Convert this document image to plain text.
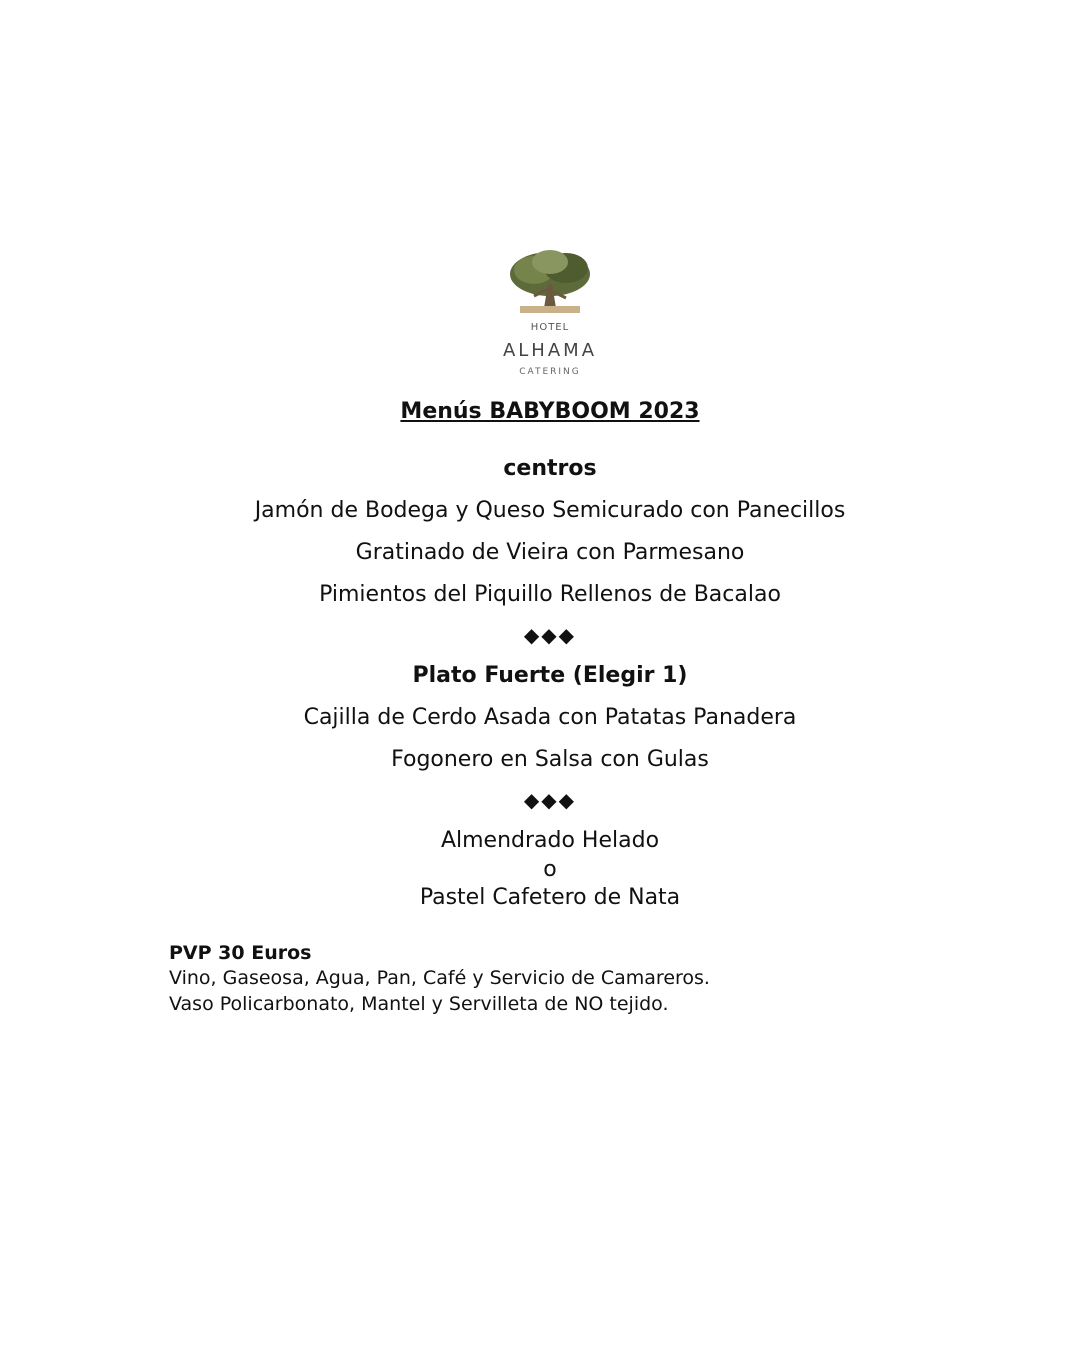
HOTEL
ALHAMA
CATERING
Menús BABYBOOM 2023
centros
Jamón de Bodega y Queso Semicurado con Panecillos
Gratinado de Vieira con Parmesano
Pimientos del Piquillo Rellenos de Bacalao
◆◆◆
Plato Fuerte (Elegir 1)
Cajilla de Cerdo Asada con Patatas Panadera
Fogonero en Salsa con Gulas
◆◆◆
Almendrado Helado
o
Pastel Cafetero de Nata
PVP 30 Euros
Vino, Gaseosa, Agua, Pan, Café y Servicio de Camareros.
Vaso Policarbonato, Mantel y Servilleta de NO tejido.
